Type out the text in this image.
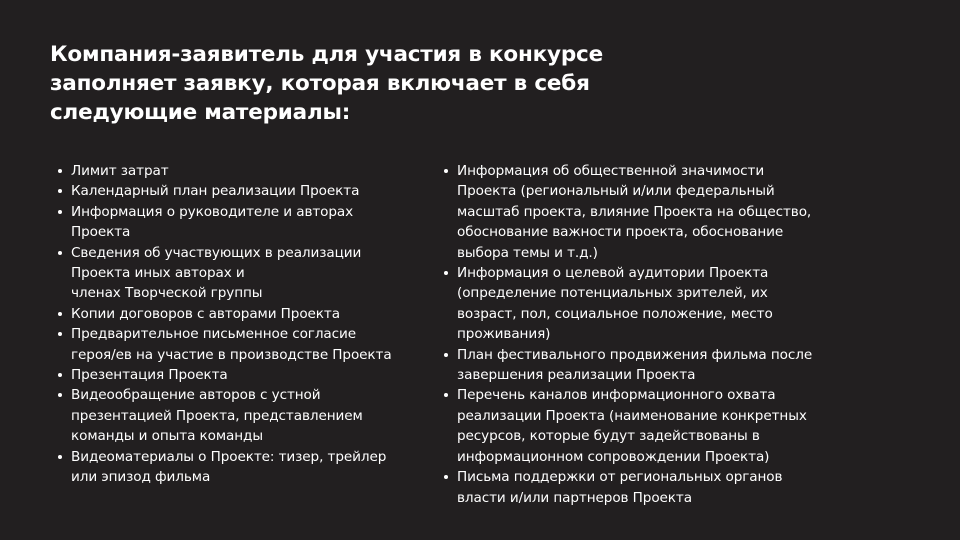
Компания-заявитель для участия в конкурсе
заполняет заявку, которая включает в себя
следующие материалы:
Лимит затрат
Календарный план реализации Проекта
Информация о руководителе и авторах
Проекта
Сведения об участвующих в реализации
Проекта иных авторах и
членах Творческой группы
Копии договоров с авторами Проекта
Предварительное письменное согласие
героя/ев на участие в производстве Проекта
Презентация Проекта
Видеообращение авторов с устной
презентацией Проекта, представлением
команды и опыта команды
Видеоматериалы о Проекте: тизер, трейлер
или эпизод фильма
Информация об общественной значимости
Проекта (региональный и/или федеральный
масштаб проекта, влияние Проекта на общество,
обоснование важности проекта, обоснование
выбора темы и т.д.)
Информация о целевой аудитории Проекта
(определение потенциальных зрителей, их
возраст, пол, социальное положение, место
проживания)
План фестивального продвижения фильма после
завершения реализации Проекта
Перечень каналов информационного охвата
реализации Проекта (наименование конкретных
ресурсов, которые будут задействованы в
информационном сопровождении Проекта)
Письма поддержки от региональных органов
власти и/или партнеров Проекта
